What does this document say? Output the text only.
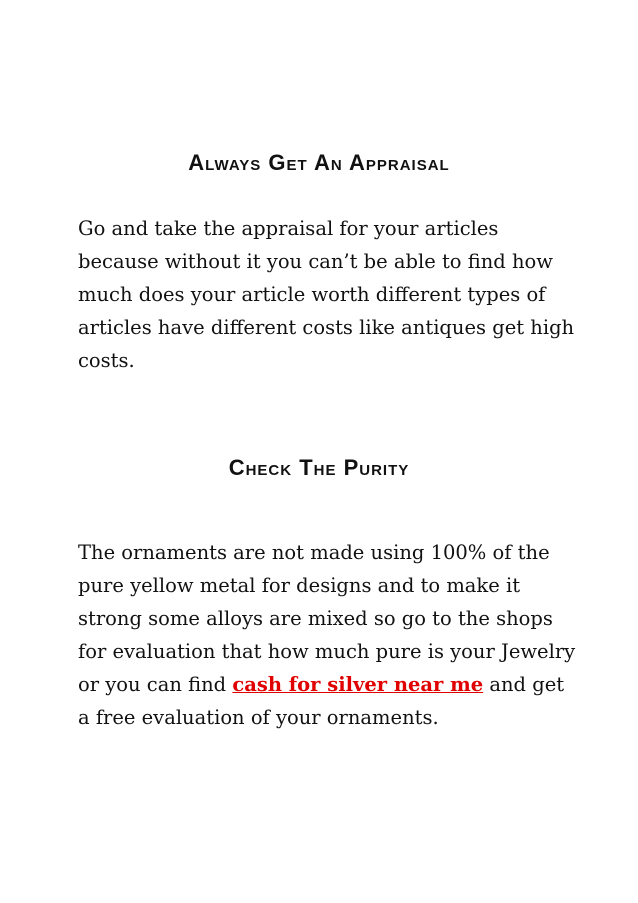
Always Get An Appraisal
Go and take the appraisal for your articles because without it you can’t be able to find how much does your article worth different types of articles have different costs like antiques get high costs.
Check The Purity
The ornaments are not made using 100% of the pure yellow metal for designs and to make it strong some alloys are mixed so go to the shops for evaluation that how much pure is your Jewelry or you can find cash for silver near me and get a free evaluation of your ornaments.
